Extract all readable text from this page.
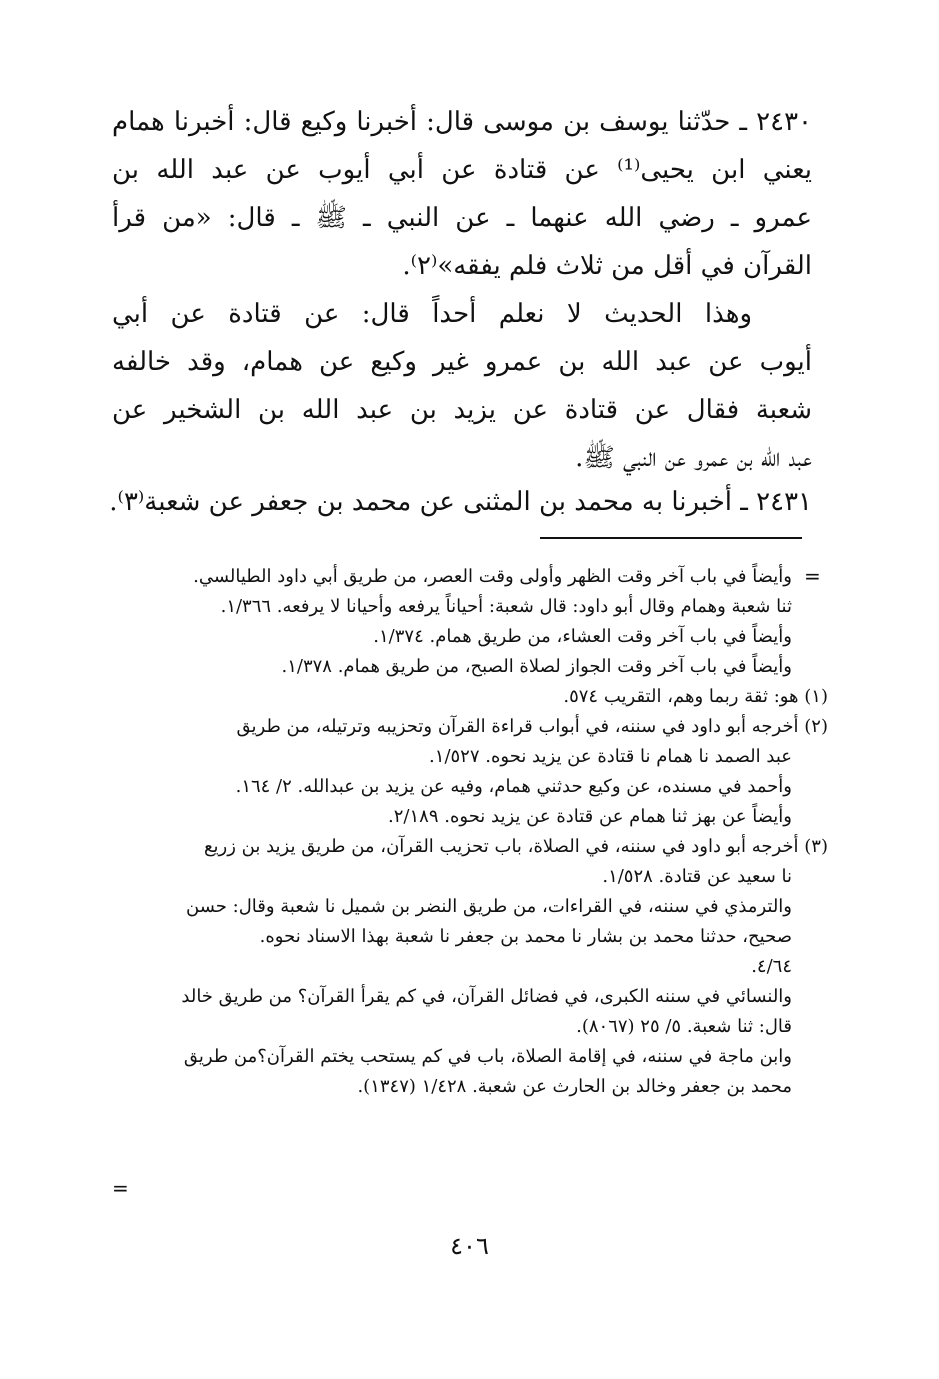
٢٤٣٠ ـ حدّثنا يوسف بن موسى قال: أخبرنا وكيع قال: أخبرنا همام
يعني ابن يحيى⁽¹⁾ عن قتادة عن أبي أيوب عن عبد الله بن
عمرو ـ رضي الله عنهما ـ عن النبي ـ ﷺ ـ قال: «من قرأ
القرآن في أقل من ثلاث فلم يفقه»⁽٢⁾.
وهذا الحديث لا نعلم أحداً قال: عن قتادة عن أبي
أيوب عن عبد الله بن عمرو غير وكيع عن همام، وقد خالفه
شعبة فقال عن قتادة عن يزيد بن عبد الله بن الشخير عن
عبد الله بن عمرو عن النبي ﷺ.
٢٤٣١ ـ أخبرنا به محمد بن المثنى عن محمد بن جعفر عن شعبة⁽٣⁾.
=
وأيضاً في باب آخر وقت الظهر وأولى وقت العصر، من طريق أبي داود الطيالسي.
ثنا شعبة وهمام وقال أبو داود: قال شعبة: أحياناً يرفعه وأحيانا لا يرفعه. ١/٣٦٦.
وأيضاً في باب آخر وقت العشاء، من طريق همام. ١/٣٧٤.
وأيضاً في باب آخر وقت الجواز لصلاة الصبح، من طريق همام. ١/٣٧٨.
(١) هو: ثقة ربما وهم، التقريب ٥٧٤.
(٢) أخرجه أبو داود في سننه، في أبواب قراءة القرآن وتحزيبه وترتيله، من طريق
عبد الصمد نا همام نا قتادة عن يزيد نحوه. ١/٥٢٧.
وأحمد في مسنده، عن وكيع حدثني همام، وفيه عن يزيد بن عبدالله. ٢/ ١٦٤.
وأيضاً عن بهز ثنا همام عن قتادة عن يزيد نحوه. ٢/١٨٩.
(٣) أخرجه أبو داود في سننه، في الصلاة، باب تحزيب القرآن، من طريق يزيد بن زريع
نا سعيد عن قتادة. ١/٥٢٨.
والترمذي في سننه، في القراءات، من طريق النضر بن شميل نا شعبة وقال: حسن
صحيح، حدثنا محمد بن بشار نا محمد بن جعفر نا شعبة بهذا الاسناد نحوه.
٤/٦٤.
والنسائي في سننه الكبرى، في فضائل القرآن، في كم يقرأ القرآن؟ من طريق خالد
قال: ثنا شعبة. ٥/ ٢٥ (٨٠٦٧).
وابن ماجة في سننه، في إقامة الصلاة، باب في كم يستحب يختم القرآن؟من طريق
محمد بن جعفر وخالد بن الحارث عن شعبة. ١/٤٢٨ (١٣٤٧).
=
٤٠٦
